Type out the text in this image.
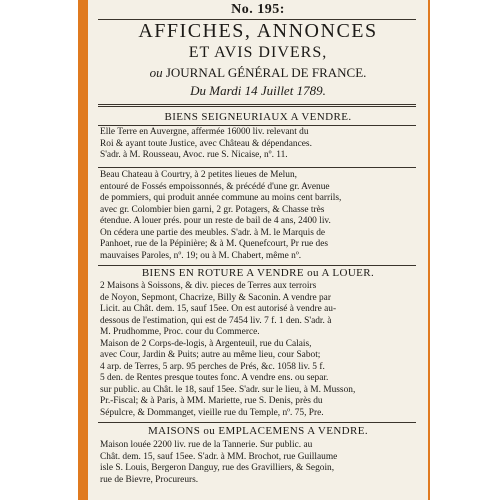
No. 195:
AFFICHES, ANNONCES
ET AVIS DIVERS,
ou JOURNAL GÉNÉRAL DE FRANCE.
Du Mardi 14 Juillet 1789.
BIENS SEIGNEURIAUX A VENDRE.
Elle Terre en Auvergne, affermée 16000 liv. relevant du
Roi & ayant toute Justice, avec Château & dépendances.
S'adr. à M. Rousseau, Avoc. rue S. Nicaise, nº. 11.
Beau Chateau à Courtry, à 2 petites lieues de Melun,
entouré de Fossés empoissonnés, & précédé d'une gr. Avenue
de pommiers, qui produit année commune au moins cent barrils,
avec gr. Colombier bien garni, 2 gr. Potagers, & Chasse très
étendue. A louer prés. pour un reste de bail de 4 ans, 2400 liv.
On cédera une partie des meubles. S'adr. à M. le Marquis de
Panhoet, rue de la Pépinière; & à M. Quenefcourt, Pr rue des
mauvaises Paroles, nº. 19; ou à M. Chabert, même nº.
BIENS EN ROTURE A VENDRE ou A LOUER.
2 Maisons à Soissons, & div. pieces de Terres aux terroirs
de Noyon, Sepmont, Chacrize, Billy & Saconin. A vendre par
Licit. au Chât. dem. 15, sauf 15ee. On est autorisé à vendre au-
dessous de l'estimation, qui est de 7454 liv. 7 f. 1 den. S'adr. à
M. Prudhomme, Proc. cour du Commerce.
Maison de 2 Corps-de-logis, à Argenteuil, rue du Calais,
avec Cour, Jardin & Puits; autre au même lieu, cour Sabot;
4 arp. de Terres, 5 arp. 95 perches de Prés, &c. 1058 liv. 5 f.
5 den. de Rentes presque toutes fonc. A vendre ens. ou separ.
sur public. au Chât. le 18, sauf 15ee. S'adr. sur le lieu, à M. Musson,
Pr.-Fiscal; & à Paris, à MM. Mariette, rue S. Denis, près du
Sépulcre, & Dommanget, vieille rue du Temple, nº. 75, Pre.
MAISONS ou EMPLACEMENS A VENDRE.
Maison louée 2200 liv. rue de la Tannerie. Sur public. au
Chât. dem. 15, sauf 15ee. S'adr. à MM. Brochot, rue Guillaume
isle S. Louis, Bergeron Danguy, rue des Gravilliers, & Segoin,
rue de Bievre, Procureurs.
